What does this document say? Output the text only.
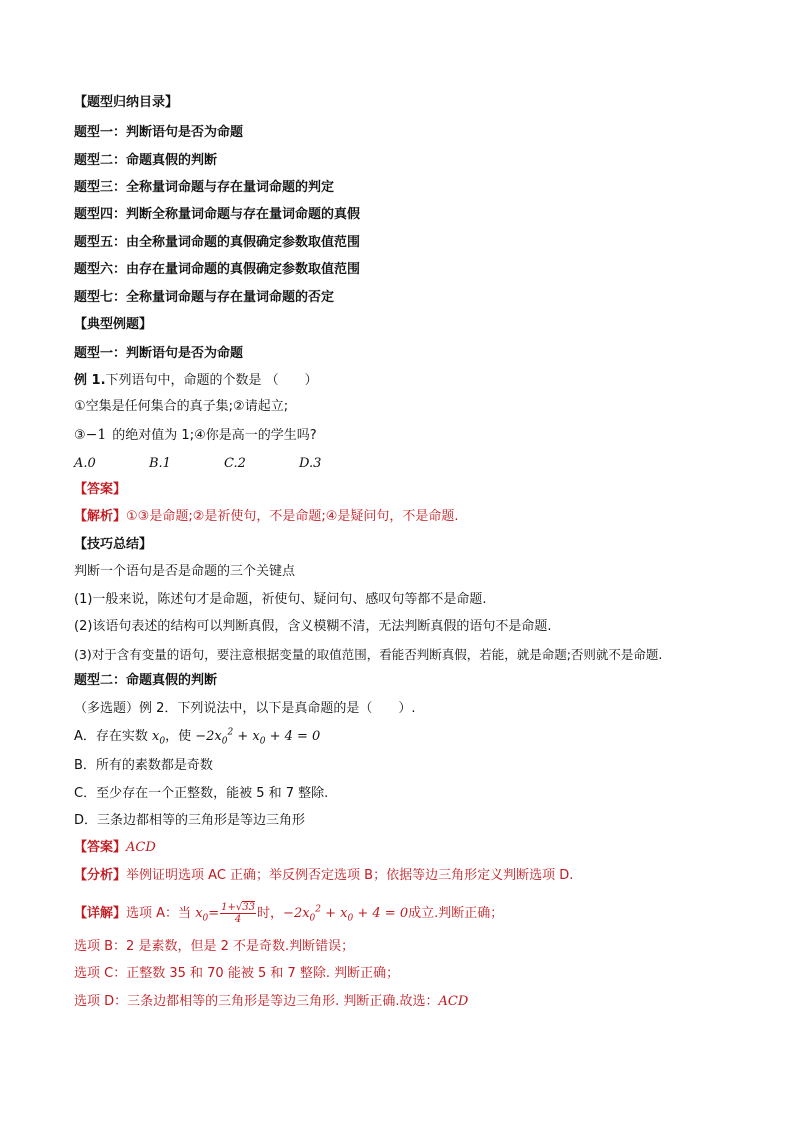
【题型归纳目录】
题型一：判断语句是否为命题
题型二：命题真假的判断
题型三：全称量词命题与存在量词命题的判定
题型四：判断全称量词命题与存在量词命题的真假
题型五：由全称量词命题的真假确定参数取值范围
题型六：由存在量词命题的真假确定参数取值范围
题型七：全称量词命题与存在量词命题的否定
【典型例题】
题型一：判断语句是否为命题
例 1.下列语句中，命题的个数是 （　　）
①空集是任何集合的真子集;②请起立;
③−1 的绝对值为 1;④你是高一的学生吗?
A.0	B.1	C.2	D.3
【答案】
【解析】①③是命题;②是祈使句，不是命题;④是疑问句，不是命题.
【技巧总结】
判断一个语句是否是命题的三个关键点
(1)一般来说，陈述句才是命题，祈使句、疑问句、感叹句等都不是命题.
(2)该语句表述的结构可以判断真假，含义模糊不清，无法判断真假的语句不是命题.
(3)对于含有变量的语句，要注意根据变量的取值范围，看能否判断真假，若能，就是命题;否则就不是命题.
题型二：命题真假的判断
（多选题）例 2．下列说法中，以下是真命题的是（　　）.
A．存在实数 $x_0$，使 $-2x_0^2 + x_0 + 4 = 0$
B．所有的素数都是奇数
C．至少存在一个正整数，能被 5 和 7 整除.
D．三条边都相等的三角形是等边三角形
【答案】ACD
【分析】举例证明选项 AC 正确；举反例否定选项 B；依据等边三角形定义判断选项 D.
【详解】选项 A：当 $x_0= \frac{1+√33}{4}$ 时，$-2x_0^2 + x_0 + 4 = 0$成立.判断正确；
选项 B：2 是素数，但是 2 不是奇数.判断错误；
选项 C：正整数 35 和 70 能被 5 和 7 整除. 判断正确；
选项 D：三条边都相等的三角形是等边三角形. 判断正确.故选：ACD
